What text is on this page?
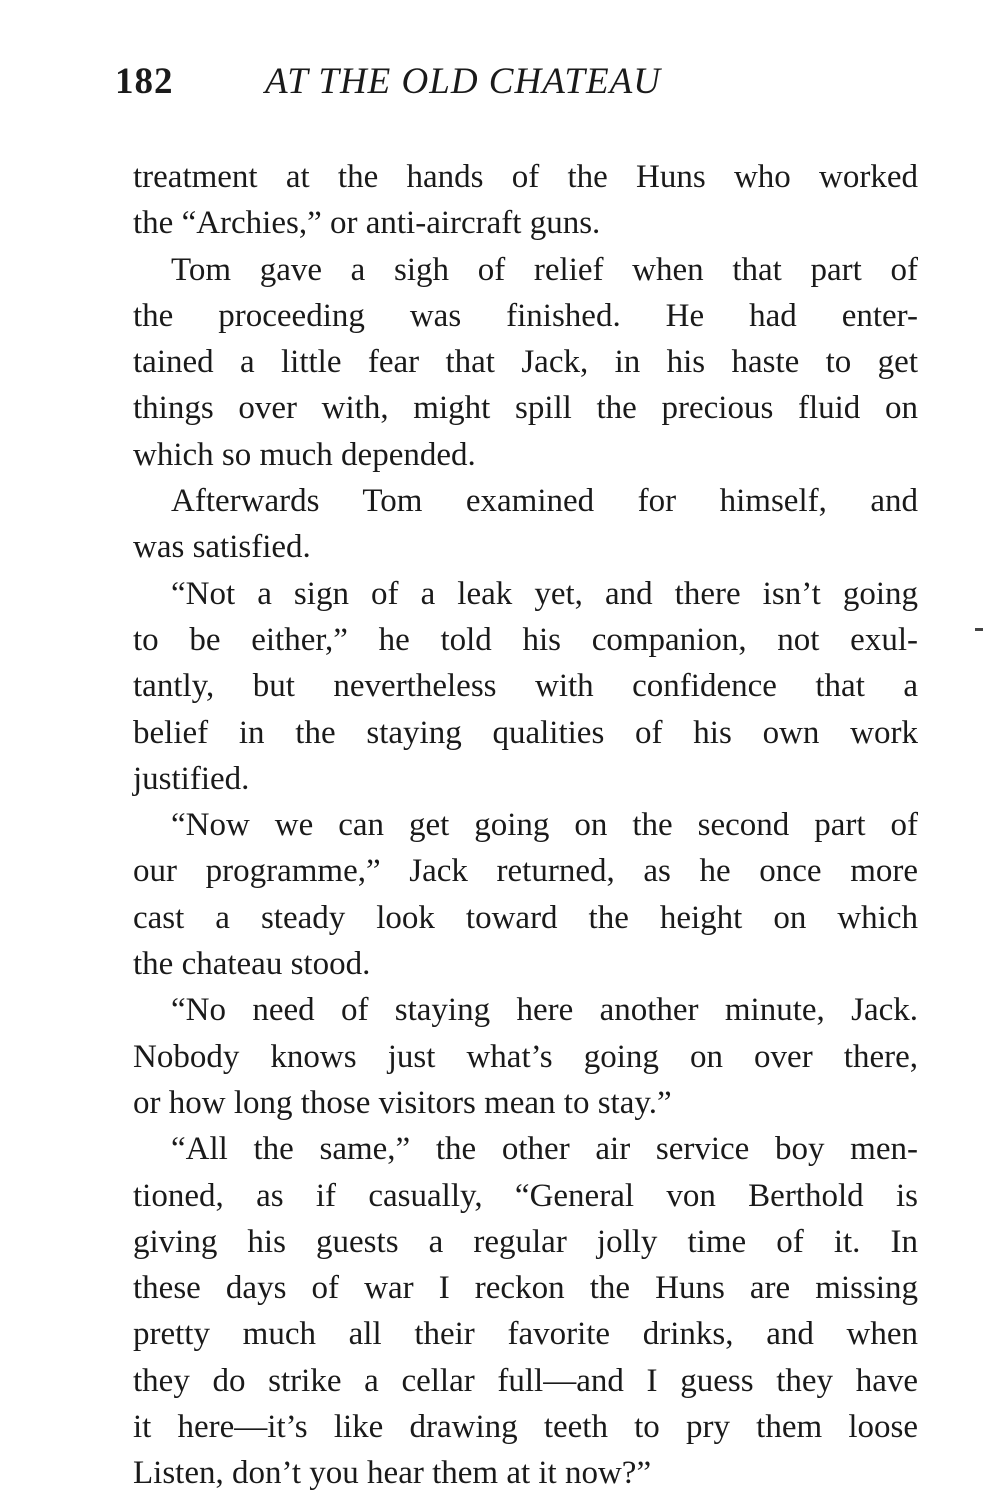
182	AT THE OLD CHATEAU
treatment at the hands of the Huns who worked
the “Archies,” or anti-aircraft guns.
Tom gave a sigh of relief when that part of
the proceeding was finished. He had enter-
tained a little fear that Jack, in his haste to get
things over with, might spill the precious fluid on
which so much depended.
Afterwards Tom examined for himself, and
was satisfied.
“Not a sign of a leak yet, and there isn’t going
to be either,” he told his companion, not exul-
tantly, but nevertheless with confidence that a
belief in the staying qualities of his own work
justified.
“Now we can get going on the second part of
our programme,” Jack returned, as he once more
cast a steady look toward the height on which
the chateau stood.
“No need of staying here another minute, Jack.
Nobody knows just what’s going on over there,
or how long those visitors mean to stay.”
“All the same,” the other air service boy men-
tioned, as if casually, “General von Berthold is
giving his guests a regular jolly time of it. In
these days of war I reckon the Huns are missing
pretty much all their favorite drinks, and when
they do strike a cellar full—and I guess they have
it here—it’s like drawing teeth to pry them loose
Listen, don’t you hear them at it now?”
